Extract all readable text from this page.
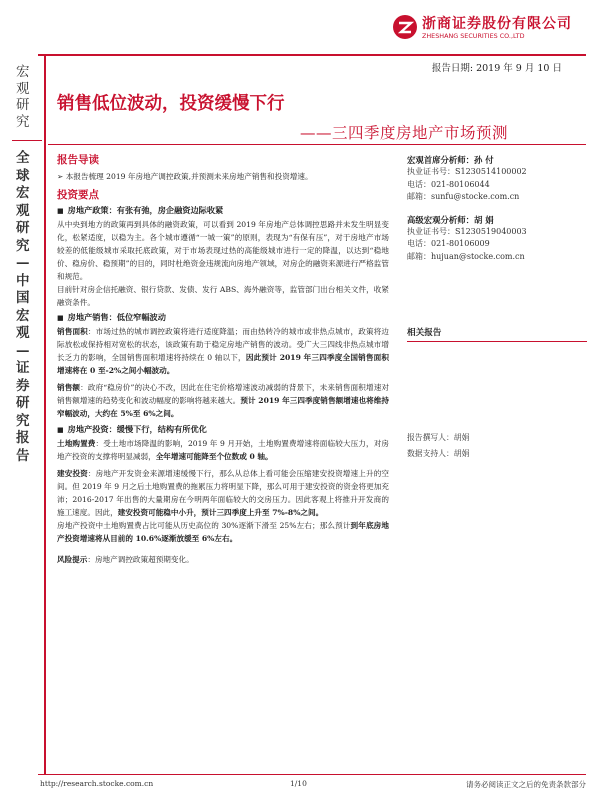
浙商证券股份有限公司
ZHESHANG SECURITIES CO.,LTD
报告日期: 2019 年 9 月 10 日
宏观研究
全球宏观研究—中国宏观—证券研究报告
销售低位波动，投资缓慢下行
——三四季度房地产市场预测
报告导读
➢ 本报告梳理 2019 年房地产调控政策,并预测未来房地产销售和投资增速。
投资要点
■ 房地产政策：有张有弛，房企融资边际收紧
从中央到地方的政策再到具体的融资政策，可以看到 2019 年房地产总体调控思路并未发生明显变化，松紧适度，以稳为主。各个城市遵循“一城一策”的原则，表现为“有保有压”，对于房地产市场较差的低能级城市采取托底政策，对于市场表现过热的高能级城市进行一定的降温，以达到“稳地价、稳房价、稳预期”的目的，同时杜绝资金违规流向房地产领域，对房企的融资来源进行严格监管和规范。
目前针对房企信托融资、银行贷款、发债、发行 ABS、海外融资等，监管部门出台相关文件，收紧融资条件。
■ 房地产销售：低位窄幅波动
销售面积：市场过热的城市调控政策将进行适度降温；而由热转冷的城市或非热点城市，政策将边际放松或保持相对宽松的状态，该政策有助于稳定房地产销售的波动。受广大三四线非热点城市增长乏力的影响，全国销售面积增速将持续在 0 轴以下，因此预计 2019 年三四季度全国销售面积增速将在 0 至-2%之间小幅波动。
销售额：政府“稳房价”的决心不改，因此在住宅价格增速波动减弱的背景下，未来销售面积增速对销售额增速的趋势变化和波动幅度的影响将越来越大。预计 2019 年三四季度销售额增速也将维持窄幅波动，大约在 5%至 6%之间。
■ 房地产投资：缓慢下行，结构有所优化
土地购置费：受土地市场降温的影响，2019 年 9 月开始，土地购置费增速将面临较大压力，对房地产投资的支撑将明显减弱，全年增速可能降至个位数或 0 轴。
建安投资：房地产开发资金来源增速缓慢下行，那么从总体上看可能会压缩建安投资增速上升的空间。但 2019 年 9 月之后土地购置费的拖累压力将明显下降，那么可用于建安投资的资金将更加充沛；2016-2017 年出售的大量期房在今明两年面临较大的交房压力。因此客观上将推升开发商的施工速度。因此，建安投资可能稳中小升，预计三四季度上升至 7%-8%之间。
房地产投资中土地购置费占比可能从历史高位的 30%逐渐下滑至 25%左右；那么预计到年底房地产投资增速将从目前的 10.6%逐渐放缓至 6%左右。
风险提示：房地产调控政策超预期变化。
宏观首席分析师：孙 付
执业证书号：S1230514100002
电话：021-80106044
邮箱：sunfu@stocke.com.cn
高级宏观分析师：胡 娟
执业证书号：S1230519040003
电话：021-80106009
邮箱：hujuan@stocke.com.cn
相关报告
报告撰写人：胡娟
数据支持人：胡娟
http://research.stocke.com.cn	1/10	请务必阅读正文之后的免责条款部分
